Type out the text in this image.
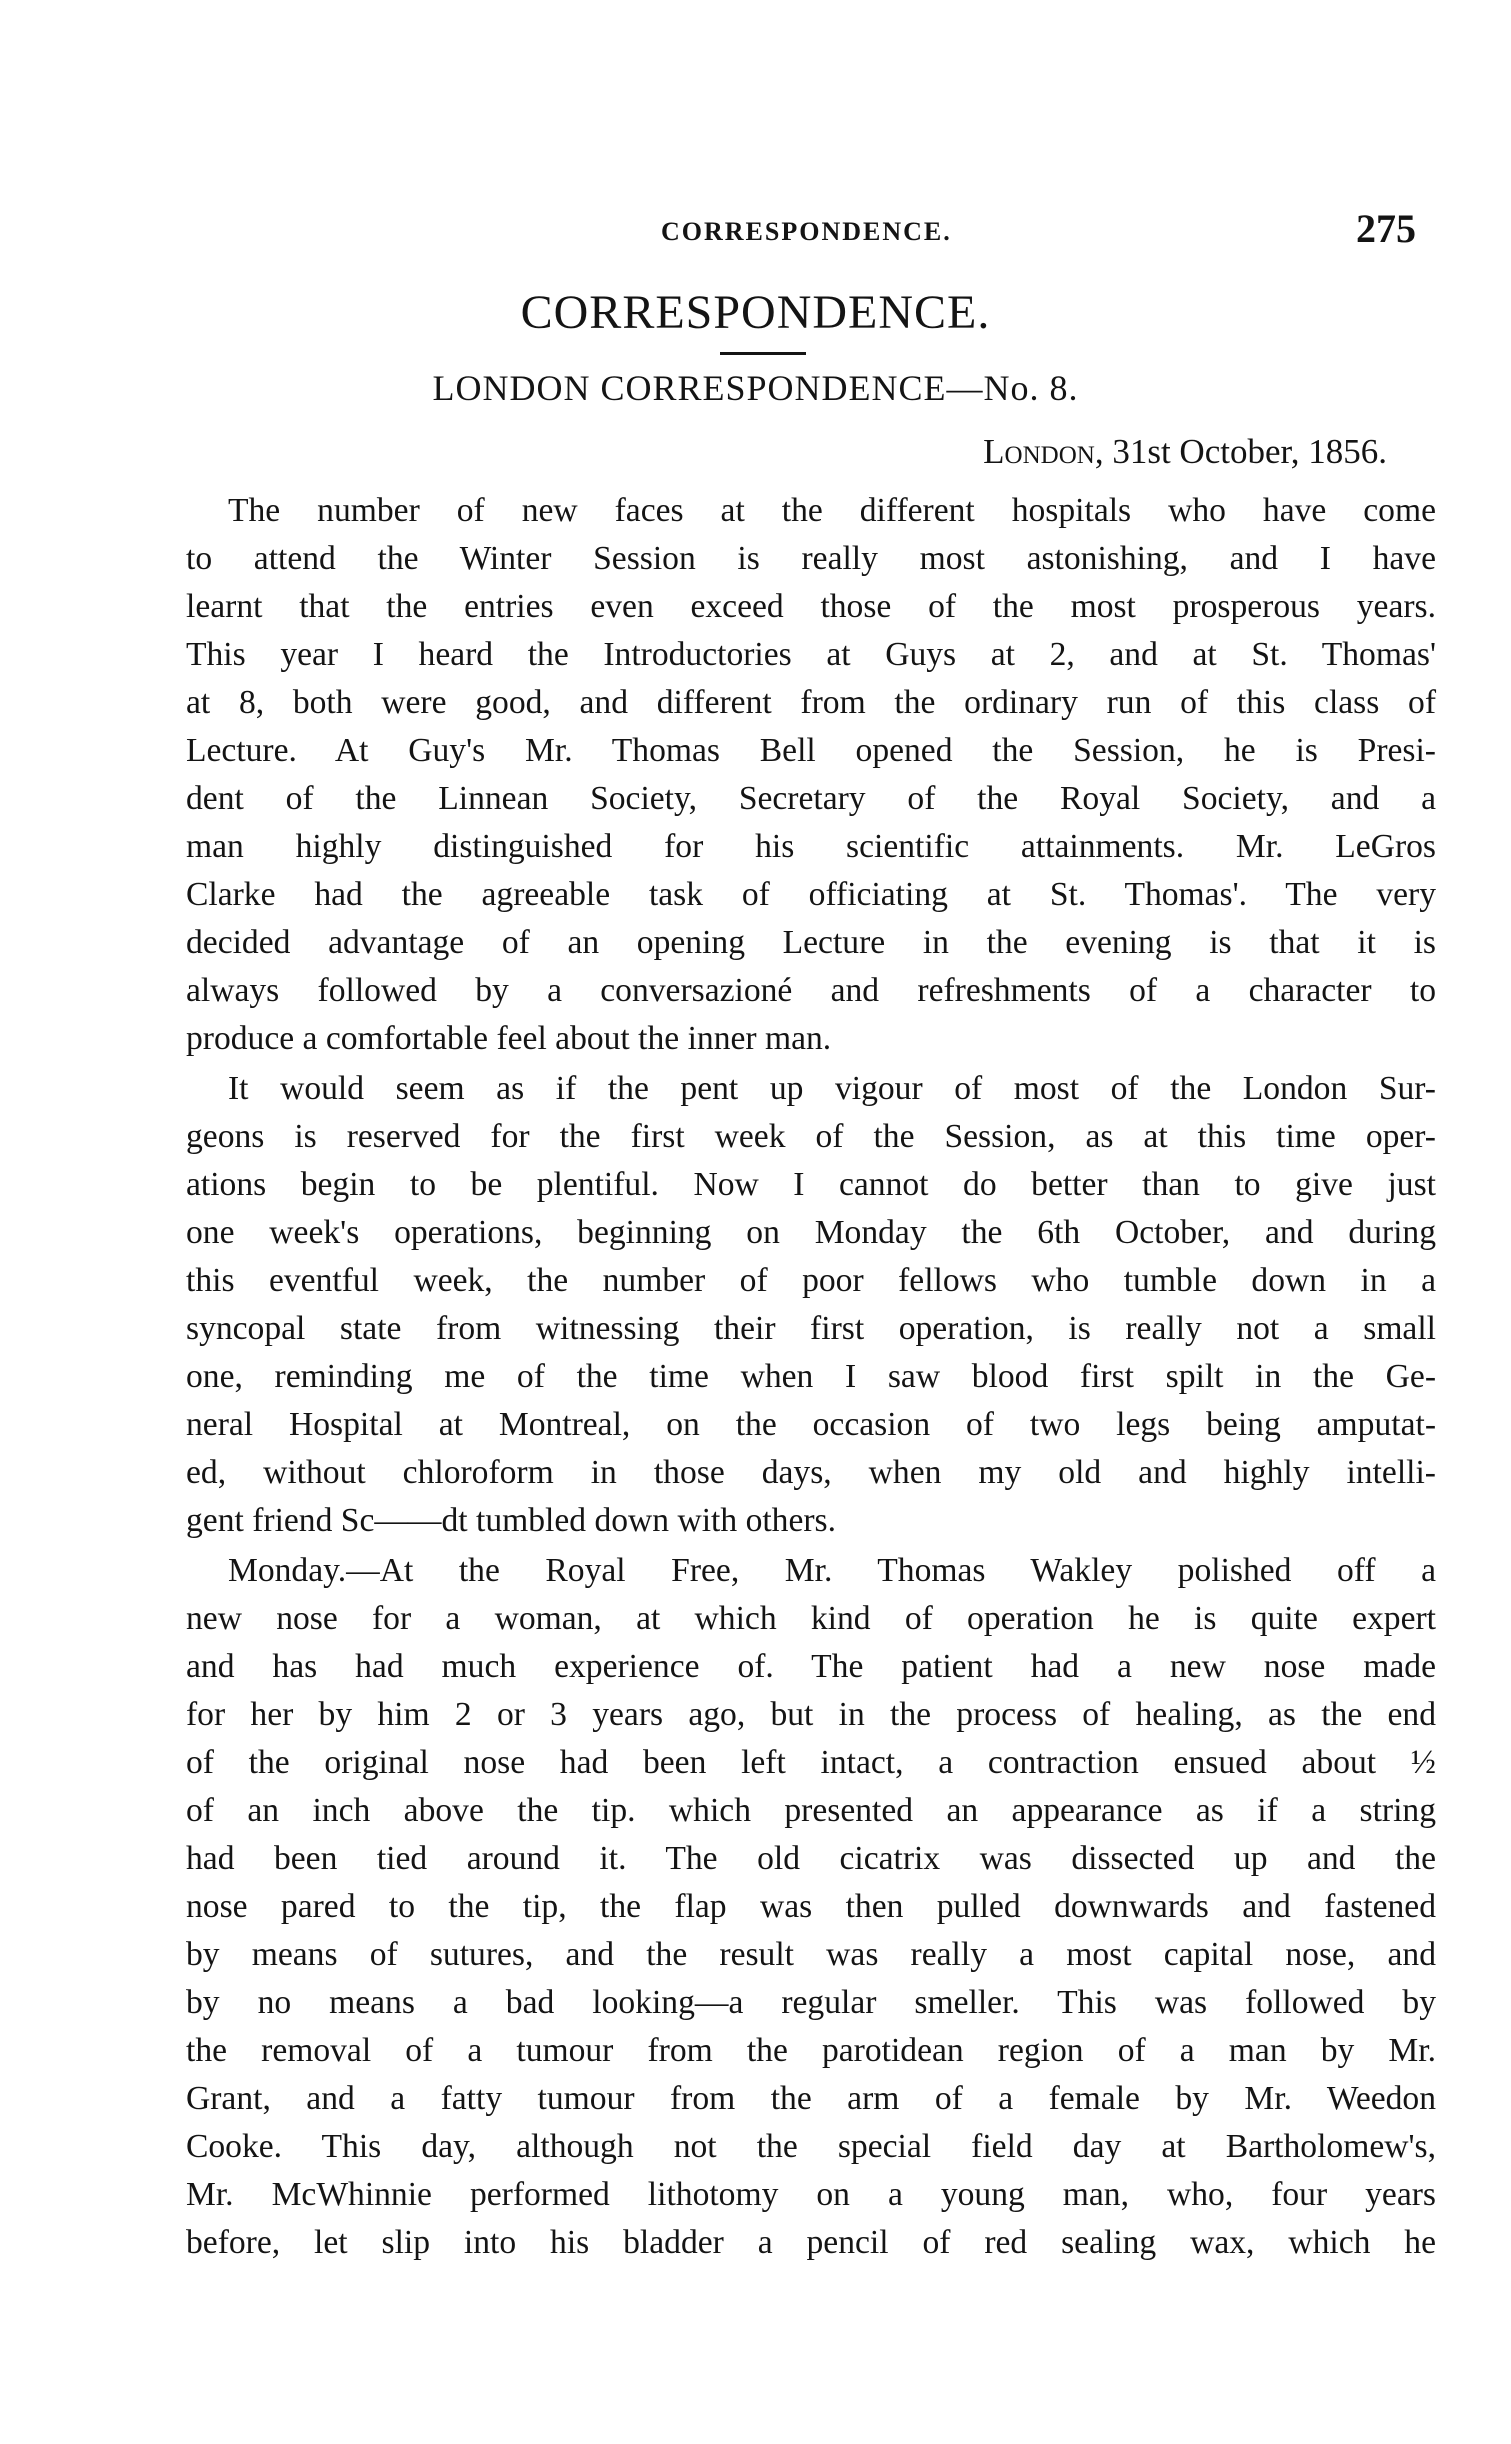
CORRESPONDENCE.	275
CORRESPONDENCE.
LONDON CORRESPONDENCE—No. 8.
London, 31st October, 1856.
The number of new faces at the different hospitals who have come
to attend the Winter Session is really most astonishing, and I have
learnt that the entries even exceed those of the most prosperous years.
This year I heard the Introductories at Guys at 2, and at St. Thomas'
at 8, both were good, and different from the ordinary run of this class of
Lecture. At Guy's Mr. Thomas Bell opened the Session, he is Presi-
dent of the Linnean Society, Secretary of the Royal Society, and a
man highly distinguished for his scientific attainments. Mr. LeGros
Clarke had the agreeable task of officiating at St. Thomas'. The very
decided advantage of an opening Lecture in the evening is that it is
always followed by a conversazioné and refreshments of a character to
produce a comfortable feel about the inner man.
It would seem as if the pent up vigour of most of the London Sur-
geons is reserved for the first week of the Session, as at this time oper-
ations begin to be plentiful. Now I cannot do better than to give just
one week's operations, beginning on Monday the 6th October, and during
this eventful week, the number of poor fellows who tumble down in a
syncopal state from witnessing their first operation, is really not a small
one, reminding me of the time when I saw blood first spilt in the Ge-
neral Hospital at Montreal, on the occasion of two legs being amputat-
ed, without chloroform in those days, when my old and highly intelli-
gent friend Sc——dt tumbled down with others.
Monday.—At the Royal Free, Mr. Thomas Wakley polished off a
new nose for a woman, at which kind of operation he is quite expert
and has had much experience of. The patient had a new nose made
for her by him 2 or 3 years ago, but in the process of healing, as the end
of the original nose had been left intact, a contraction ensued about ½
of an inch above the tip. which presented an appearance as if a string
had been tied around it. The old cicatrix was dissected up and the
nose pared to the tip, the flap was then pulled downwards and fastened
by means of sutures, and the result was really a most capital nose, and
by no means a bad looking—a regular smeller. This was followed by
the removal of a tumour from the parotidean region of a man by Mr.
Grant, and a fatty tumour from the arm of a female by Mr. Weedon
Cooke. This day, although not the special field day at Bartholomew's,
Mr. McWhinnie performed lithotomy on a young man, who, four years
before, let slip into his bladder a pencil of red sealing wax, which he
